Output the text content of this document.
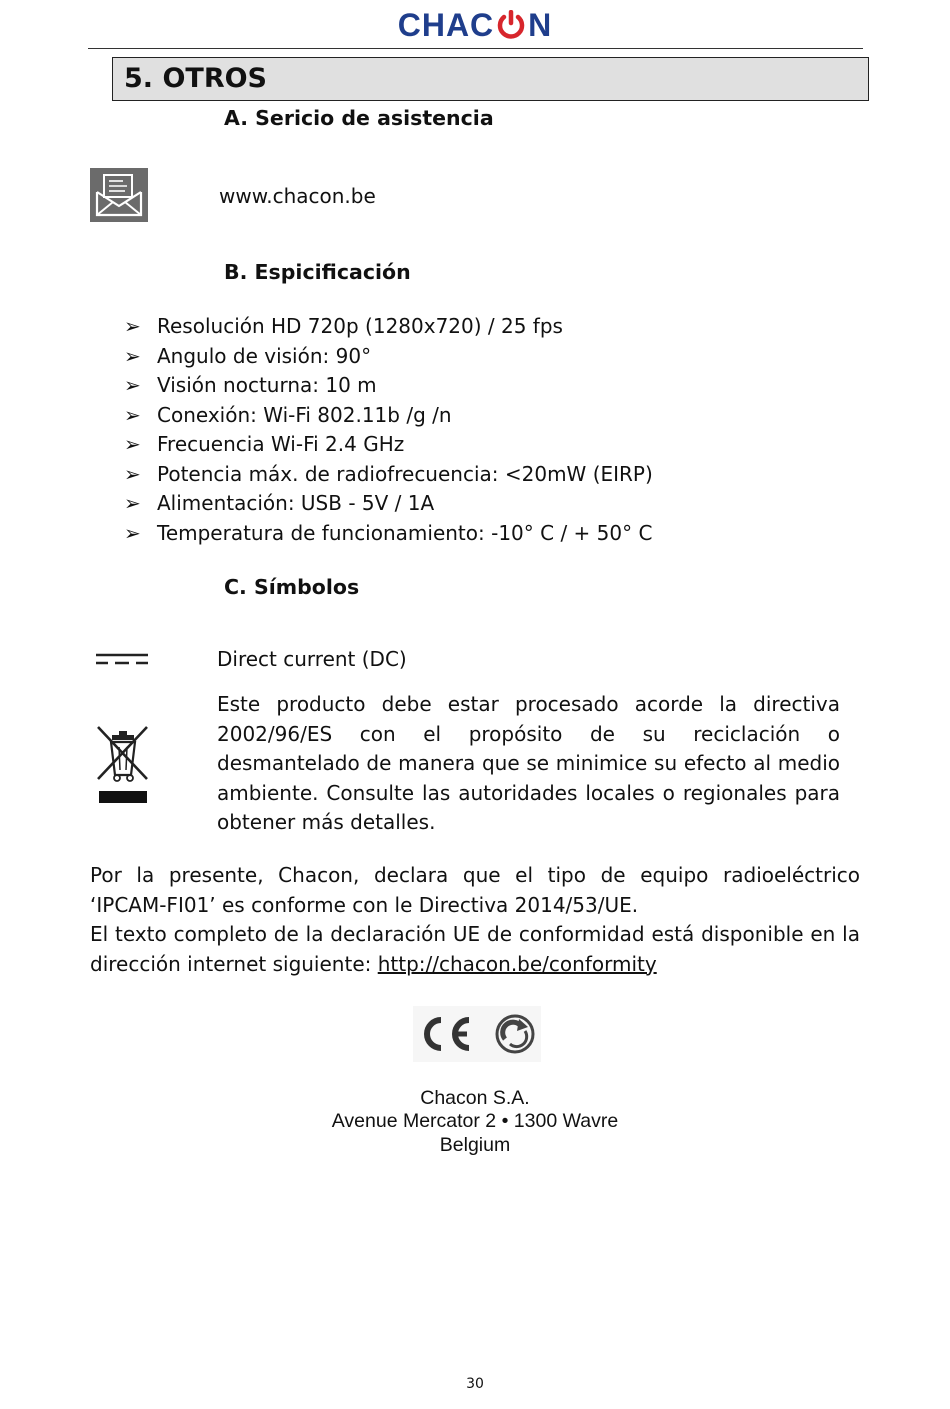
CHAC N
5. OTROS
A. Sericio de asistencia
www.chacon.be
B. Espicificación
➢ Resolución HD 720p (1280x720) / 25 fps
➢ Angulo de visión: 90°
➢ Visión nocturna: 10 m
➢ Conexión: Wi-Fi 802.11b /g /n
➢ Frecuencia Wi-Fi 2.4 GHz
➢ Potencia máx. de radiofrecuencia: <20mW (EIRP)
➢ Alimentación: USB - 5V / 1A
➢ Temperatura de funcionamiento: -10° C / + 50° C
C. Símbolos
Direct current (DC)
Este producto debe estar procesado acorde la directiva 2002/96/ES con el propósito de su reciclación o desmantelado de manera que se minimice su efecto al medio ambiente. Consulte las autoridades locales o regionales para obtener más detalles.
Por la presente, Chacon, declara que el tipo de equipo radioeléctrico ‘IPCAM-FI01’ es conforme con le Directiva 2014/53/UE.
El texto completo de la declaración UE de conformidad está disponible en la dirección internet siguiente: http://chacon.be/conformity
Chacon S.A.
Avenue Mercator 2 • 1300 Wavre
Belgium
30
